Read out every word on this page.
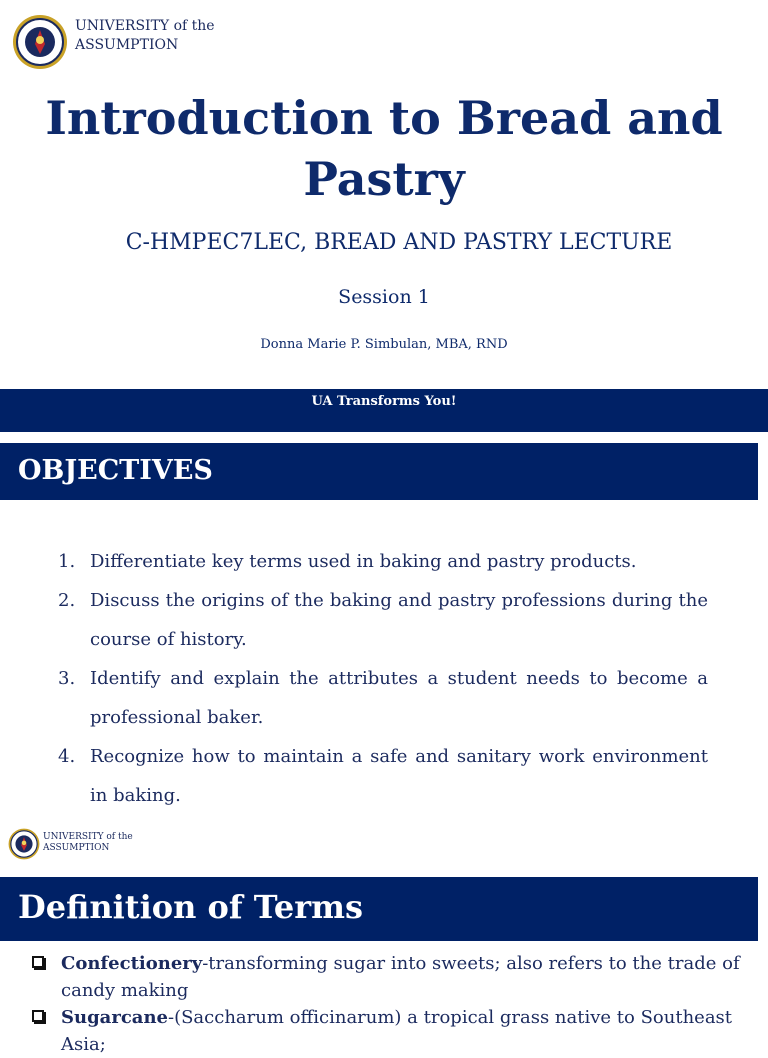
UNIVERSITY of the
ASSUMPTION
Introduction to Bread and Pastry
C-HMPEC7LEC, BREAD AND PASTRY LECTURE
Session 1
Donna Marie P. Simbulan, MBA, RND
UA Transforms You!
OBJECTIVES
1. Differentiate key terms used in baking and pastry products.
2. Discuss the origins of the baking and pastry professions during the course of history.
3. Identify and explain the attributes a student needs to become a professional baker.
4. Recognize how to maintain a safe and sanitary work environment in baking.
UNIVERSITY of the
ASSUMPTION
Definition of Terms
Confectionery-transforming sugar into sweets; also refers to the trade of candy making
Sugarcane-(Saccharum officinarum) a tropical grass native to Southeast Asia;
